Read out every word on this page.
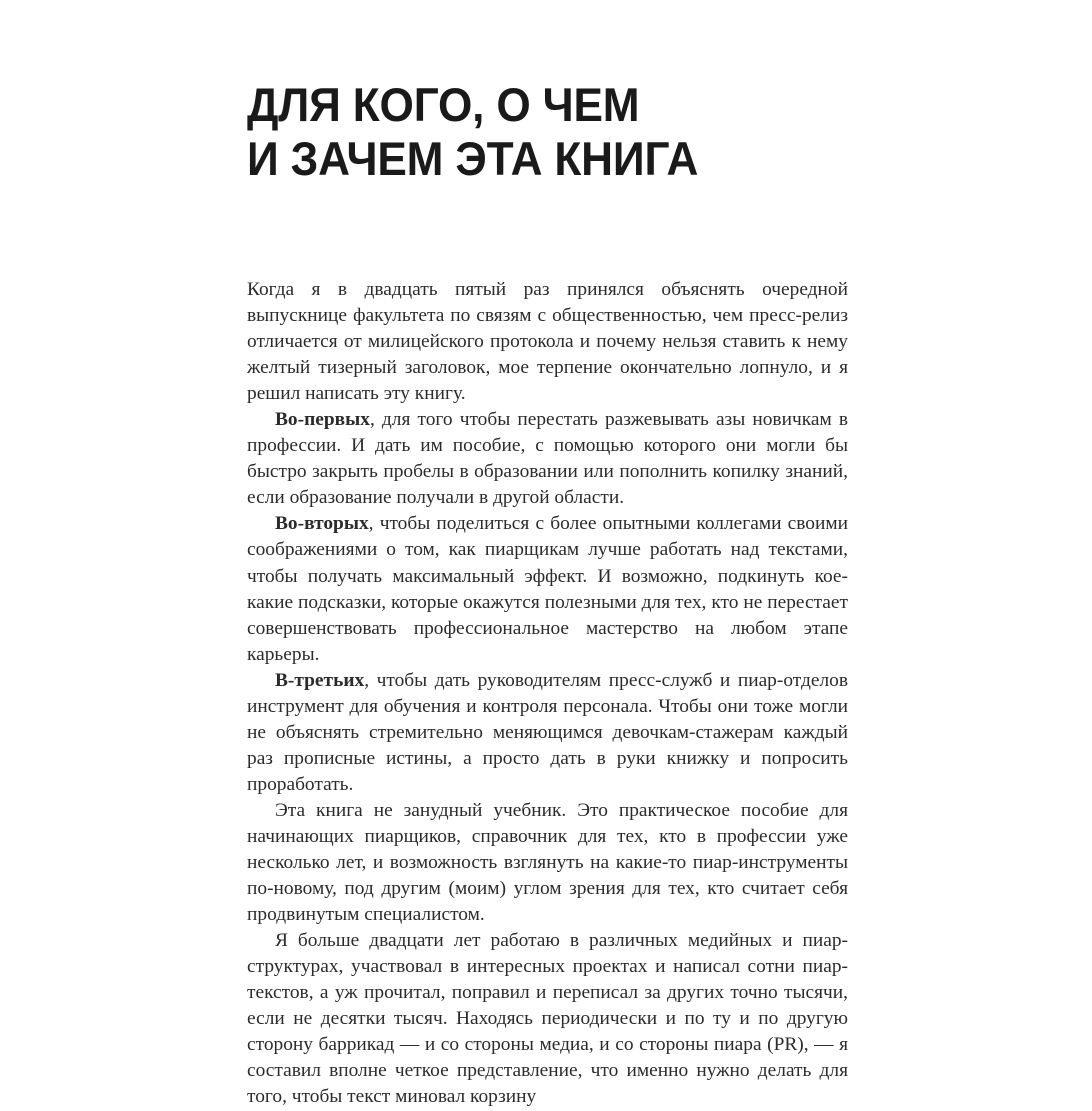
ДЛЯ КОГО, О ЧЕМ
И ЗАЧЕМ ЭТА КНИГА

Когда я в двадцать пятый раз принялся объяснять очередной выпускнице факультета по связям с общественностью, чем пресс-релиз отличается от милицейского протокола и почему нельзя ставить к нему желтый тизерный заголовок, мое терпение окончательно лопнуло, и я решил написать эту книгу.

Во-первых, для того чтобы перестать разжевывать азы новичкам в профессии. И дать им пособие, с помощью которого они могли бы быстро закрыть пробелы в образовании или пополнить копилку знаний, если образование получали в другой области.

Во-вторых, чтобы поделиться с более опытными коллегами своими соображениями о том, как пиарщикам лучше работать над текстами, чтобы получать максимальный эффект. И возможно, подкинуть кое-какие подсказки, которые окажутся полезными для тех, кто не перестает совершенствовать профессиональное мастерство на любом этапе карьеры.

В-третьих, чтобы дать руководителям пресс-служб и пиар-отделов инструмент для обучения и контроля персонала. Чтобы они тоже могли не объяснять стремительно меняющимся девочкам-стажерам каждый раз прописные истины, а просто дать в руки книжку и попросить проработать.

Эта книга не занудный учебник. Это практическое пособие для начинающих пиарщиков, справочник для тех, кто в профессии уже несколько лет, и возможность взглянуть на какие-то пиар-инструменты по-новому, под другим (моим) углом зрения для тех, кто считает себя продвинутым специалистом.

Я больше двадцати лет работаю в различных медийных и пиар-структурах, участвовал в интересных проектах и написал сотни пиар-текстов, а уж прочитал, поправил и переписал за других точно тысячи, если не десятки тысяч. Находясь периодически и по ту и по другую сторону баррикад — и со стороны медиа, и со стороны пиара (PR), — я составил вполне четкое представление, что именно нужно делать для того, чтобы текст миновал корзину
